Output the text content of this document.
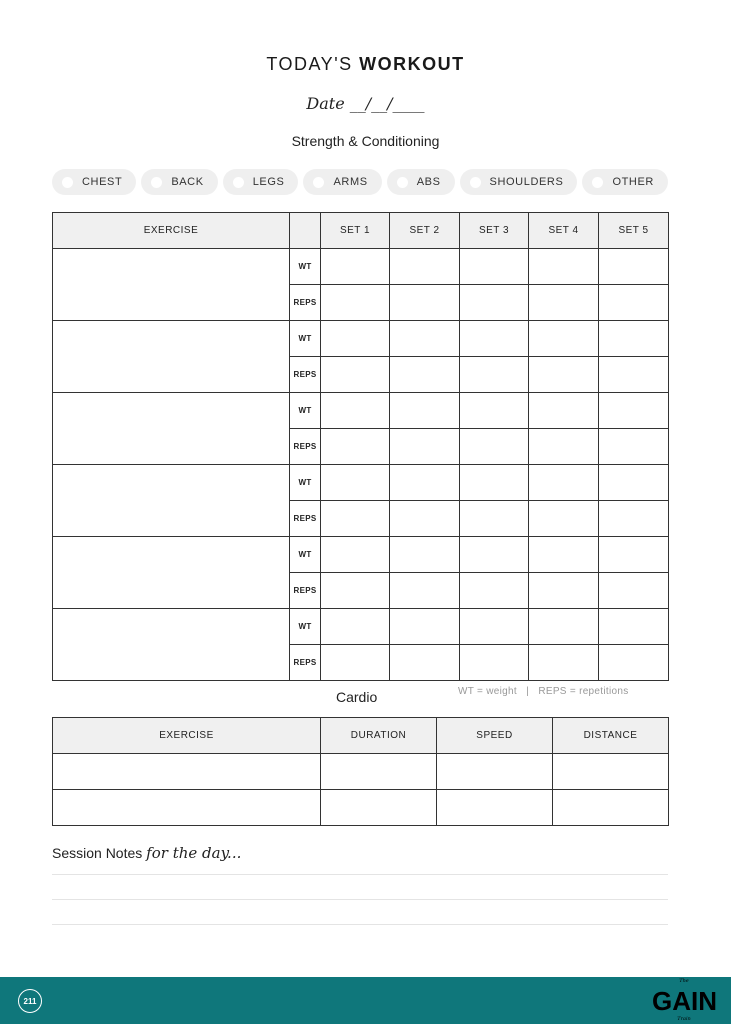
TODAY'S WORKOUT
Date __/__/____
Strength & Conditioning
CHEST	BACK	LEGS	ARMS	ABS	SHOULDERS	OTHER
EXERCISE		SET 1	SET 2	SET 3	SET 4	SET 5
	WT					
	REPS					
	WT					
	REPS					
	WT					
	REPS					
	WT					
	REPS					
	WT					
	REPS					
	WT					
	REPS					
Cardio	WT = weight   |   REPS = repetitions
EXERCISE	DURATION	SPEED	DISTANCE

Session Notes for the day...
211
The
GAIN
Train
